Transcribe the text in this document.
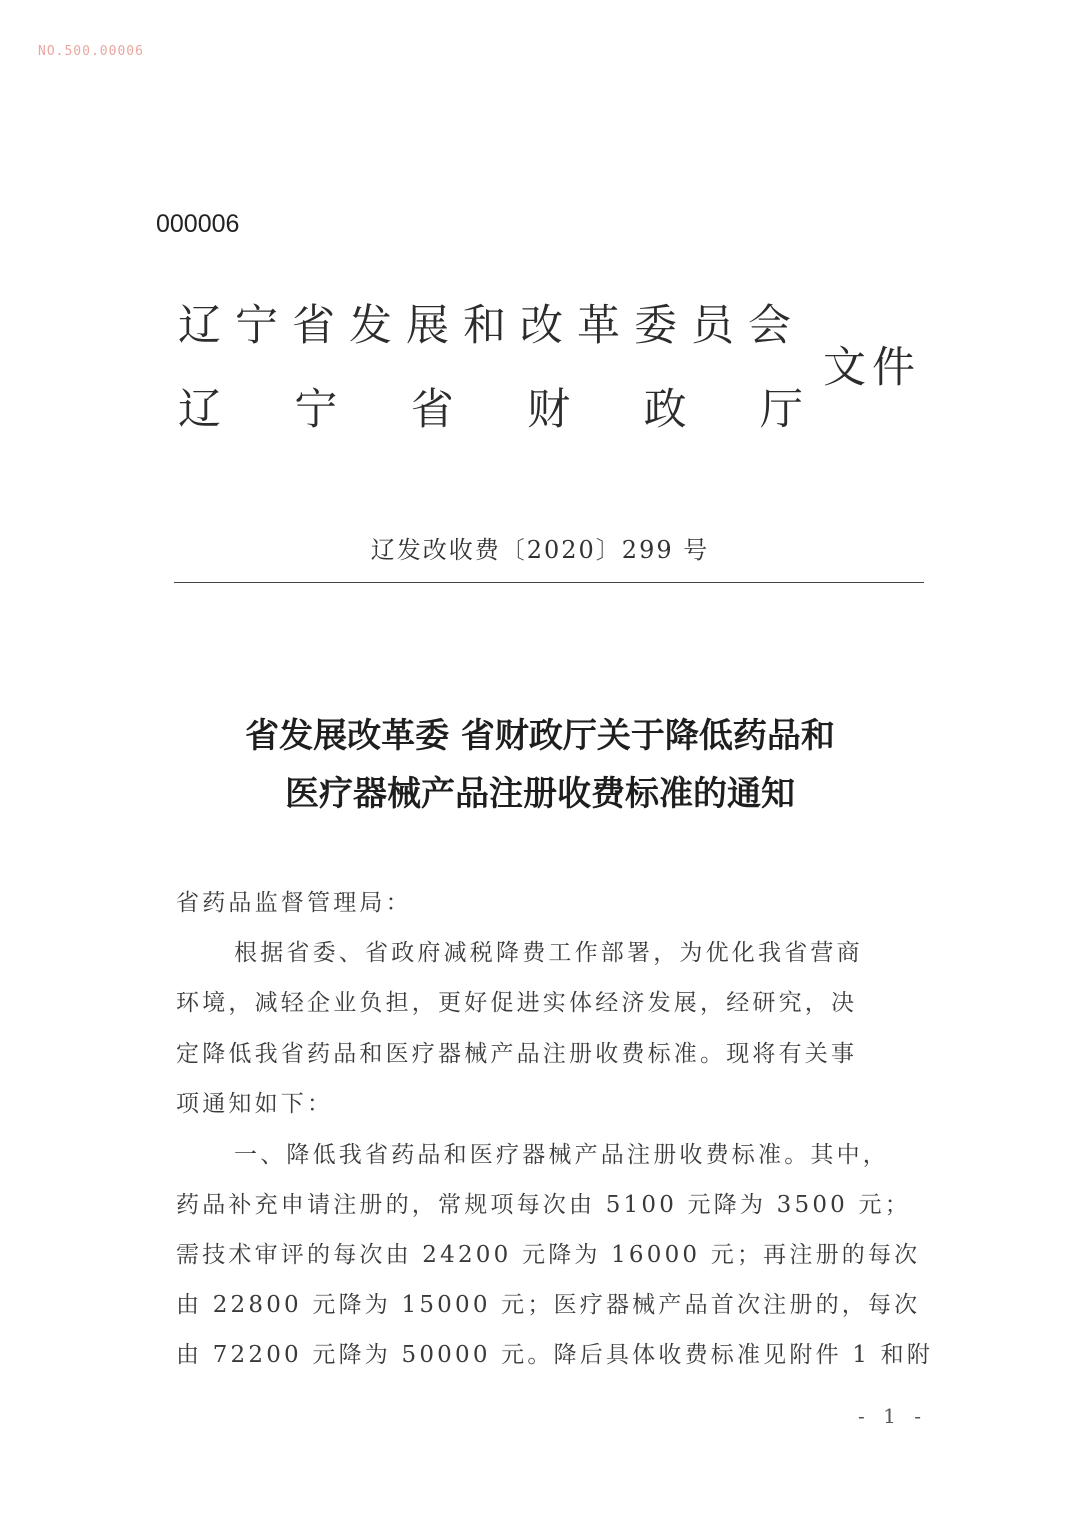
NO.500.00006
000006
辽宁省发展和改革委员会
辽 宁 省 财 政 厅
文件
辽发改收费〔2020〕299 号
省发展改革委 省财政厅关于降低药品和
医疗器械产品注册收费标准的通知
省药品监督管理局：
根据省委、省政府减税降费工作部署，为优化我省营商
环境，减轻企业负担，更好促进实体经济发展，经研究，决
定降低我省药品和医疗器械产品注册收费标准。现将有关事
项通知如下：
一、降低我省药品和医疗器械产品注册收费标准。其中，
药品补充申请注册的，常规项每次由 5100 元降为 3500 元；
需技术审评的每次由 24200 元降为 16000 元；再注册的每次
由 22800 元降为 15000 元；医疗器械产品首次注册的，每次
由 72200 元降为 50000 元。降后具体收费标准见附件 1 和附
- 1 -
